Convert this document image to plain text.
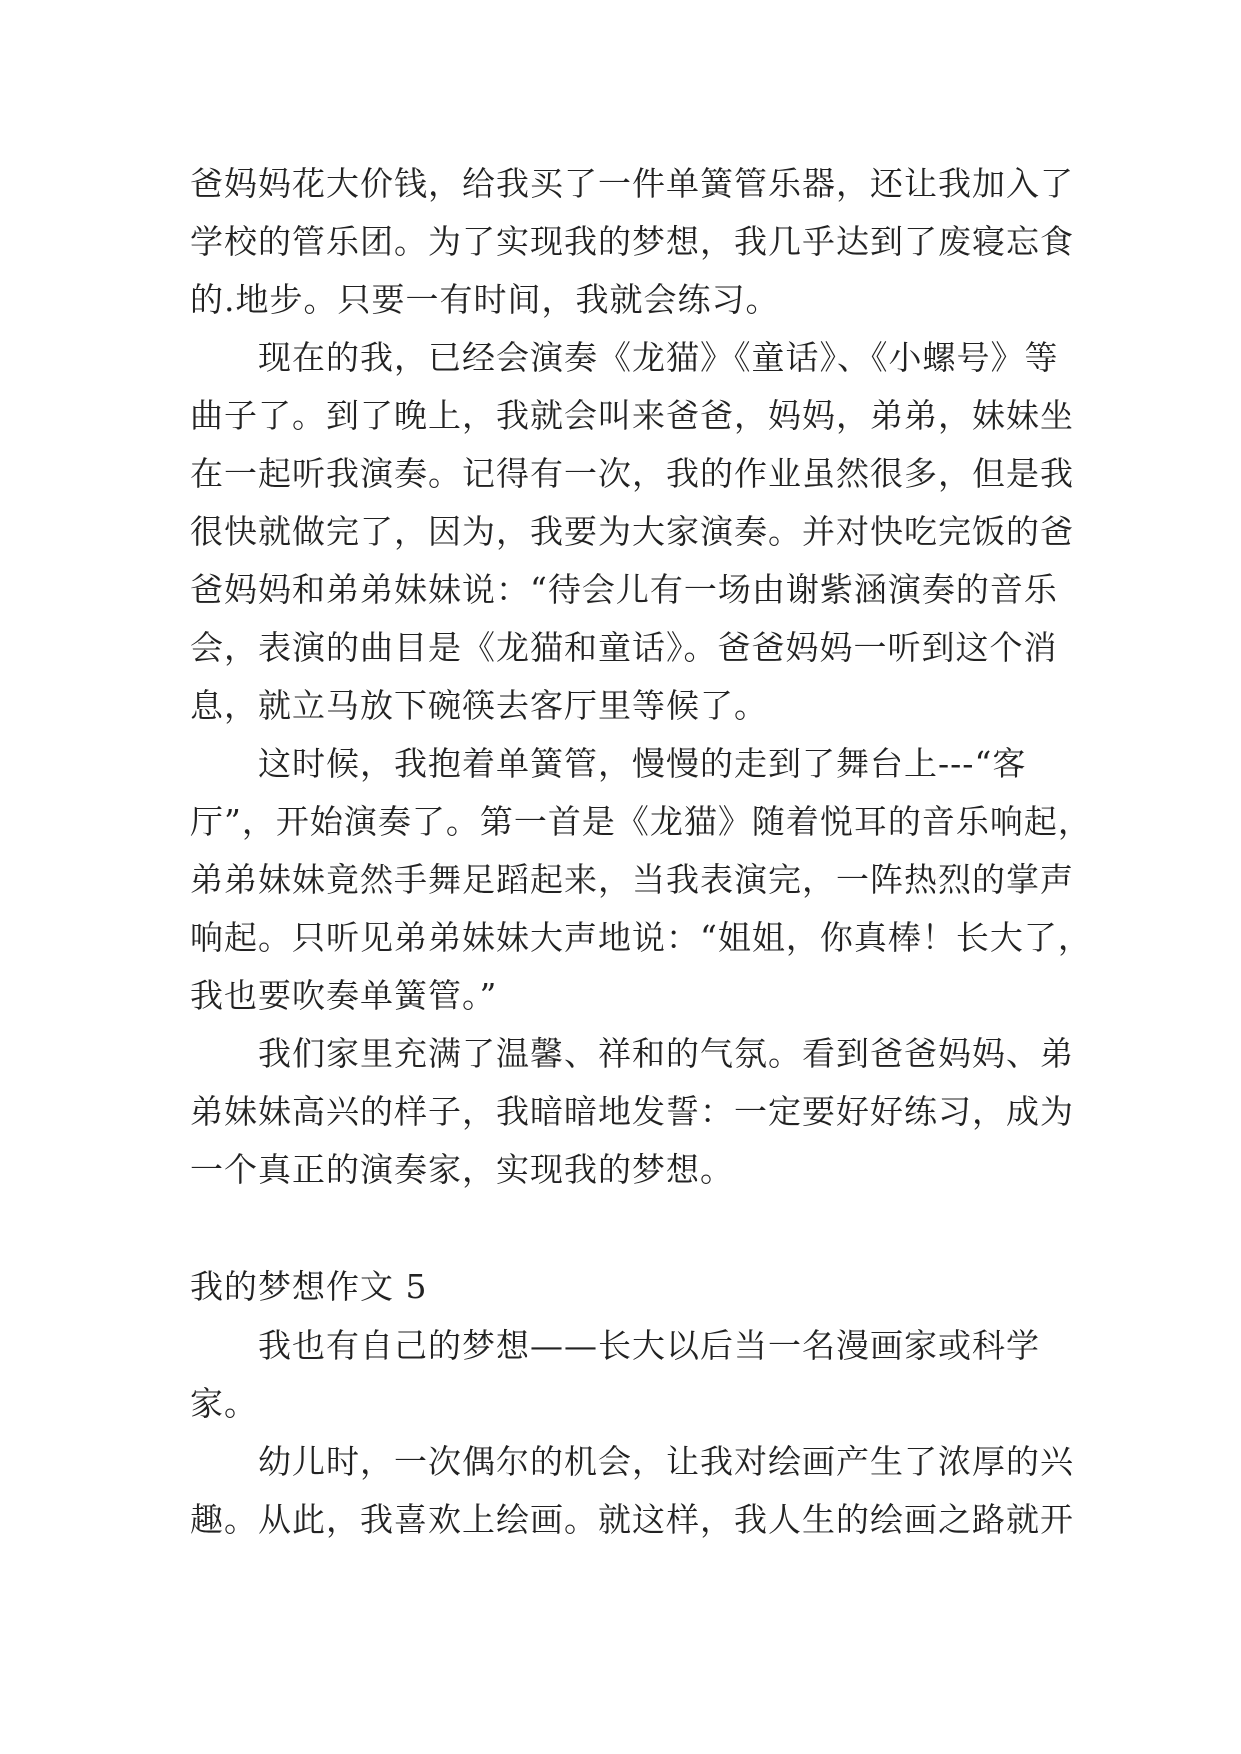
爸妈妈花大价钱，给我买了一件单簧管乐器，还让我加入了
学校的管乐团。为了实现我的梦想，我几乎达到了废寝忘食
的.地步。只要一有时间，我就会练习。
现在的我，已经会演奏《龙猫》《童话》、《小螺号》等
曲子了。到了晚上，我就会叫来爸爸，妈妈，弟弟，妹妹坐
在一起听我演奏。记得有一次，我的作业虽然很多，但是我
很快就做完了，因为，我要为大家演奏。并对快吃完饭的爸
爸妈妈和弟弟妹妹说：“待会儿有一场由谢紫涵演奏的音乐
会，表演的曲目是《龙猫和童话》。爸爸妈妈一听到这个消
息，就立马放下碗筷去客厅里等候了。
这时候，我抱着单簧管，慢慢的走到了舞台上---“客
厅”，开始演奏了。第一首是《龙猫》随着悦耳的音乐响起，
弟弟妹妹竟然手舞足蹈起来，当我表演完，一阵热烈的掌声
响起。只听见弟弟妹妹大声地说：“姐姐，你真棒！长大了，
我也要吹奏单簧管。”
我们家里充满了温馨、祥和的气氛。看到爸爸妈妈、弟
弟妹妹高兴的样子，我暗暗地发誓：一定要好好练习，成为
一个真正的演奏家，实现我的梦想。
我的梦想作文 5
我也有自己的梦想——长大以后当一名漫画家或科学
家。
幼儿时，一次偶尔的机会，让我对绘画产生了浓厚的兴
趣。从此，我喜欢上绘画。就这样，我人生的绘画之路就开
